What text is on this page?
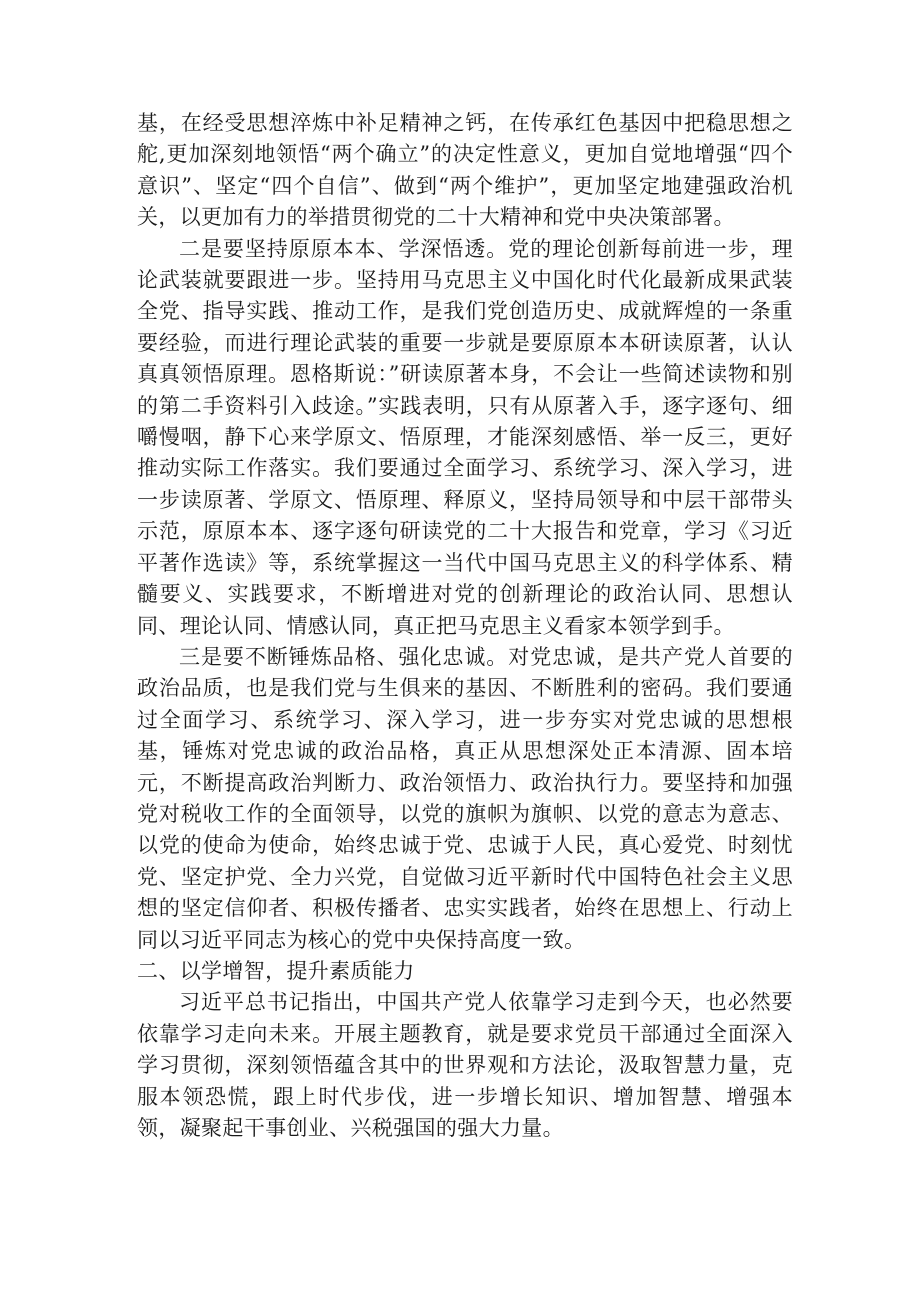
基，在经受思想淬炼中补足精神之钙，在传承红色基因中把稳思想之舵,更加深刻地领悟“两个确立”的决定性意义，更加自觉地增强“四个意识”、坚定“四个自信”、做到“两个维护”，更加坚定地建强政治机关，以更加有力的举措贯彻党的二十大精神和党中央决策部署。

二是要坚持原原本本、学深悟透。党的理论创新每前进一步，理论武装就要跟进一步。坚持用马克思主义中国化时代化最新成果武装全党、指导实践、推动工作，是我们党创造历史、成就辉煌的一条重要经验，而进行理论武装的重要一步就是要原原本本研读原著，认认真真领悟原理。恩格斯说：”研读原著本身，不会让一些简述读物和别的第二手资料引入歧途。”实践表明，只有从原著入手，逐字逐句、细嚼慢咽，静下心来学原文、悟原理，才能深刻感悟、举一反三，更好推动实际工作落实。我们要通过全面学习、系统学习、深入学习，进一步读原著、学原文、悟原理、释原义，坚持局领导和中层干部带头示范，原原本本、逐字逐句研读党的二十大报告和党章，学习《习近平著作选读》等，系统掌握这一当代中国马克思主义的科学体系、精髓要义、实践要求，不断增进对党的创新理论的政治认同、思想认同、理论认同、情感认同，真正把马克思主义看家本领学到手。

三是要不断锤炼品格、强化忠诚。对党忠诚，是共产党人首要的政治品质，也是我们党与生俱来的基因、不断胜利的密码。我们要通过全面学习、系统学习、深入学习，进一步夯实对党忠诚的思想根基，锤炼对党忠诚的政治品格，真正从思想深处正本清源、固本培元，不断提高政治判断力、政治领悟力、政治执行力。要坚持和加强党对税收工作的全面领导，以党的旗帜为旗帜、以党的意志为意志、以党的使命为使命，始终忠诚于党、忠诚于人民，真心爱党、时刻忧党、坚定护党、全力兴党，自觉做习近平新时代中国特色社会主义思想的坚定信仰者、积极传播者、忠实实践者，始终在思想上、行动上同以习近平同志为核心的党中央保持高度一致。

二、以学增智，提升素质能力

习近平总书记指出，中国共产党人依靠学习走到今天，也必然要依靠学习走向未来。开展主题教育，就是要求党员干部通过全面深入学习贯彻，深刻领悟蕴含其中的世界观和方法论，汲取智慧力量，克服本领恐慌，跟上时代步伐，进一步增长知识、增加智慧、增强本领，凝聚起干事创业、兴税强国的强大力量。
